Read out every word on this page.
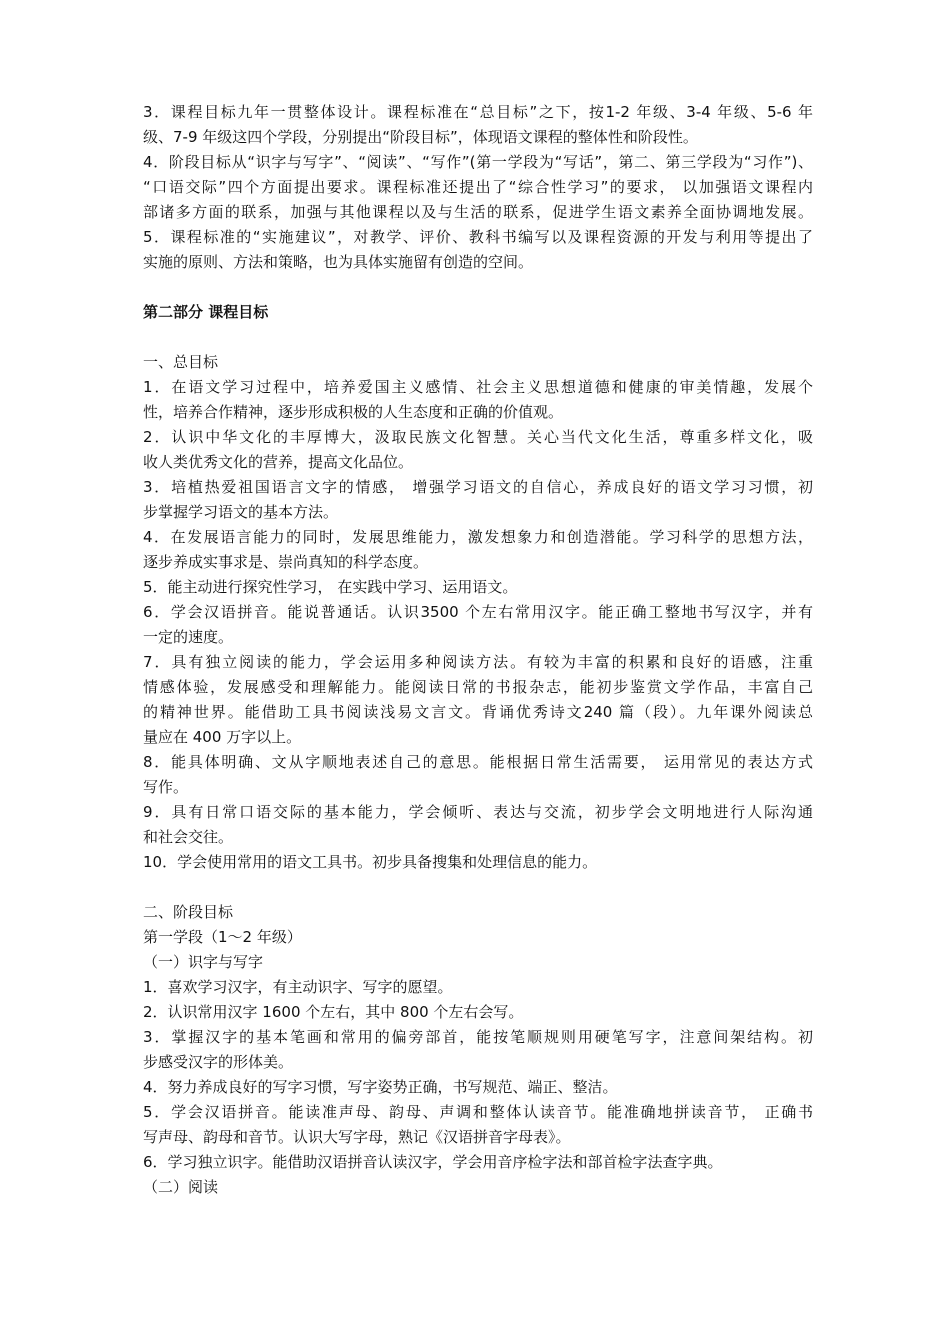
3．课程目标九年一贯整体设计。课程标准在“总目标”之下，按1-2 年级、3-4 年级、5-6 年
级、7-9 年级这四个学段，分别提出“阶段目标”，体现语文课程的整体性和阶段性。
4．阶段目标从“识字与写字”、“阅读”、“写作”(第一学段为“写话”，第二、第三学段为“习作”)、
“口语交际”四个方面提出要求。课程标准还提出了“综合性学习”的要求， 以加强语文课程内
部诸多方面的联系，加强与其他课程以及与生活的联系，促进学生语文素养全面协调地发展。
5．课程标准的“实施建议”，对教学、评价、教科书编写以及课程资源的开发与利用等提出了
实施的原则、方法和策略，也为具体实施留有创造的空间。
第二部分 课程目标
一、总目标
1．在语文学习过程中，培养爱国主义感情、社会主义思想道德和健康的审美情趣，发展个
性，培养合作精神，逐步形成积极的人生态度和正确的价值观。
2．认识中华文化的丰厚博大，汲取民族文化智慧。关心当代文化生活，尊重多样文化，吸
收人类优秀文化的营养，提高文化品位。
3．培植热爱祖国语言文字的情感， 增强学习语文的自信心，养成良好的语文学习习惯，初
步掌握学习语文的基本方法。
4．在发展语言能力的同时，发展思维能力，激发想象力和创造潜能。学习科学的思想方法，
逐步养成实事求是、崇尚真知的科学态度。
5．能主动进行探究性学习， 在实践中学习、运用语文。
6．学会汉语拼音。能说普通话。认识3500 个左右常用汉字。能正确工整地书写汉字，并有
一定的速度。
7．具有独立阅读的能力，学会运用多种阅读方法。有较为丰富的积累和良好的语感，注重
情感体验，发展感受和理解能力。能阅读日常的书报杂志，能初步鉴赏文学作品，丰富自己
的精神世界。能借助工具书阅读浅易文言文。背诵优秀诗文240 篇（段）。九年课外阅读总
量应在 400 万字以上。
8．能具体明确、文从字顺地表述自己的意思。能根据日常生活需要， 运用常见的表达方式
写作。
9．具有日常口语交际的基本能力，学会倾听、表达与交流，初步学会文明地进行人际沟通
和社会交往。
10．学会使用常用的语文工具书。初步具备搜集和处理信息的能力。
二、阶段目标
第一学段（1～2 年级）
（一）识字与写字
1．喜欢学习汉字，有主动识字、写字的愿望。
2．认识常用汉字 1600 个左右，其中 800 个左右会写。
3．掌握汉字的基本笔画和常用的偏旁部首，能按笔顺规则用硬笔写字，注意间架结构。初
步感受汉字的形体美。
4．努力养成良好的写字习惯，写字姿势正确，书写规范、端正、整洁。
5．学会汉语拼音。能读准声母、韵母、声调和整体认读音节。能准确地拼读音节， 正确书
写声母、韵母和音节。认识大写字母，熟记《汉语拼音字母表》。
6．学习独立识字。能借助汉语拼音认读汉字，学会用音序检字法和部首检字法查字典。
（二）阅读
